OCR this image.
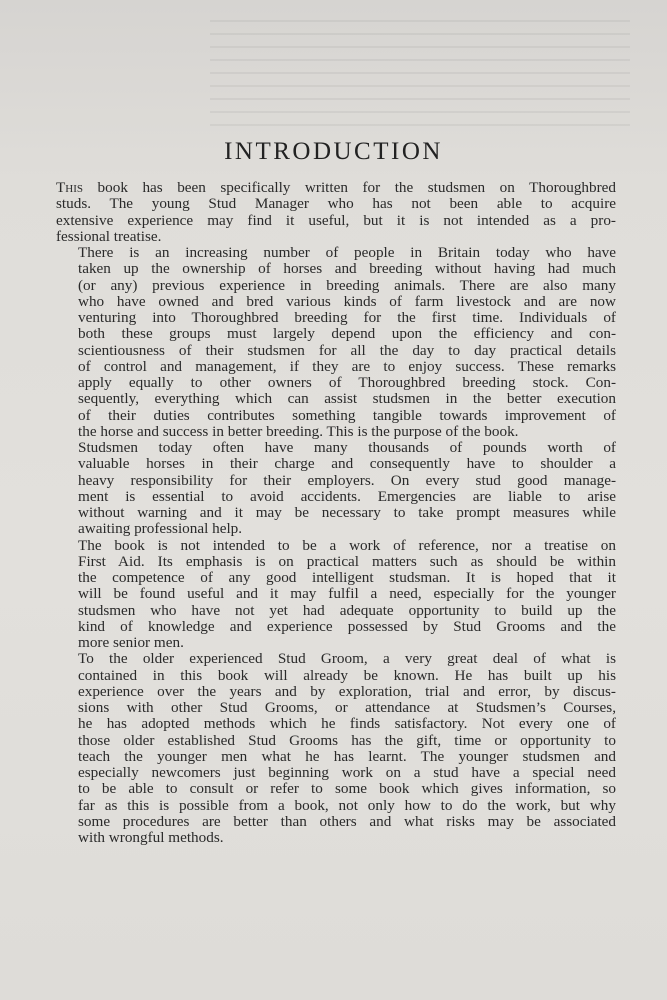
INTRODUCTION

This book has been specifically written for the studsmen on Thoroughbred
studs. The young Stud Manager who has not been able to acquire
extensive experience may find it useful, but it is not intended as a pro-
fessional treatise.

There is an increasing number of people in Britain today who have
taken up the ownership of horses and breeding without having had much
(or any) previous experience in breeding animals. There are also many
who have owned and bred various kinds of farm livestock and are now
venturing into Thoroughbred breeding for the first time. Individuals of
both these groups must largely depend upon the efficiency and con-
scientiousness of their studsmen for all the day to day practical details
of control and management, if they are to enjoy success. These remarks
apply equally to other owners of Thoroughbred breeding stock. Con-
sequently, everything which can assist studsmen in the better execution
of their duties contributes something tangible towards improvement of
the horse and success in better breeding. This is the purpose of the book.

Studsmen today often have many thousands of pounds worth of
valuable horses in their charge and consequently have to shoulder a
heavy responsibility for their employers. On every stud good manage-
ment is essential to avoid accidents. Emergencies are liable to arise
without warning and it may be necessary to take prompt measures while
awaiting professional help.

The book is not intended to be a work of reference, nor a treatise on
First Aid. Its emphasis is on practical matters such as should be within
the competence of any good intelligent studsman. It is hoped that it
will be found useful and it may fulfil a need, especially for the younger
studsmen who have not yet had adequate opportunity to build up the
kind of knowledge and experience possessed by Stud Grooms and the
more senior men.

To the older experienced Stud Groom, a very great deal of what is
contained in this book will already be known. He has built up his
experience over the years and by exploration, trial and error, by discus-
sions with other Stud Grooms, or attendance at Studsmen’s Courses,
he has adopted methods which he finds satisfactory. Not every one of
those older established Stud Grooms has the gift, time or opportunity to
teach the younger men what he has learnt. The younger studsmen and
especially newcomers just beginning work on a stud have a special need
to be able to consult or refer to some book which gives information, so
far as this is possible from a book, not only how to do the work, but why
some procedures are better than others and what risks may be associated
with wrongful methods.
